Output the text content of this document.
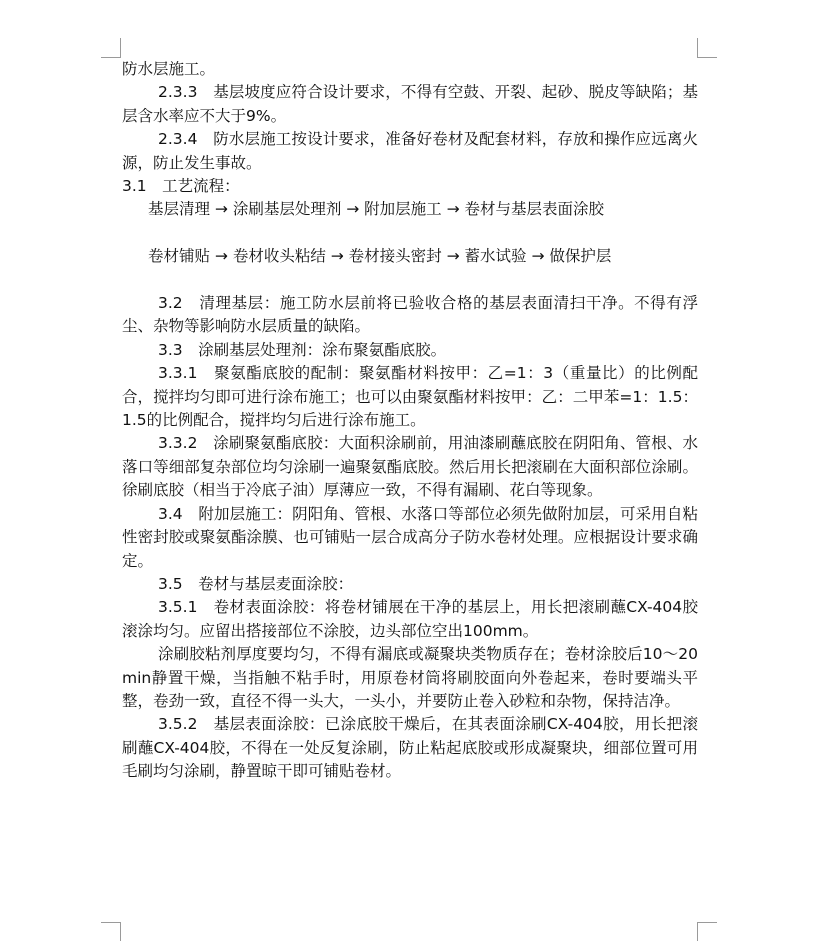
防水层施工。

2.3.3　基层坡度应符合设计要求，不得有空鼓、开裂、起砂、脱皮等缺陷；基层含水率应不大于9%。

2.3.4　防水层施工按设计要求，准备好卷材及配套材料，存放和操作应远离火源，防止发生事故。

3.1　工艺流程：

基层清理 → 涂刷基层处理剂 → 附加层施工 → 卷材与基层表面涂胶

卷材铺贴 → 卷材收头粘结 → 卷材接头密封 → 蓄水试验 → 做保护层

3.2　清理基层：施工防水层前将已验收合格的基层表面清扫干净。不得有浮尘、杂物等影响防水层质量的缺陷。

3.3　涂刷基层处理剂：涂布聚氨酯底胶。

3.3.1　聚氨酯底胶的配制：聚氨酯材料按甲：乙=1：3（重量比）的比例配合，搅拌均匀即可进行涂布施工；也可以由聚氨酯材料按甲：乙：二甲苯=1：1.5：1.5的比例配合，搅拌均匀后进行涂布施工。

3.3.2　涂刷聚氨酯底胶：大面积涂刷前，用油漆刷蘸底胶在阴阳角、管根、水落口等细部复杂部位均匀涂刷一遍聚氨酯底胶。然后用长把滚刷在大面积部位涂刷。徐刷底胶（相当于冷底子油）厚薄应一致，不得有漏刷、花白等现象。

3.4　附加层施工：阴阳角、管根、水落口等部位必须先做附加层，可采用自粘性密封胶或聚氨酯涂膜、也可铺贴一层合成高分子防水卷材处理。应根据设计要求确定。

3.5　卷材与基层麦面涂胶：

3.5.1　卷材表面涂胶：将卷材铺展在干净的基层上，用长把滚刷蘸CX-404胶滚涂均匀。应留出搭接部位不涂胶，边头部位空出100mm。

涂刷胶粘剂厚度要均匀，不得有漏底或凝聚块类物质存在；卷材涂胶后10～20min静置干燥，当指触不粘手时，用原卷材筒将刷胶面向外卷起来，卷时要端头平整，卷劲一致，直径不得一头大，一头小，并要防止卷入砂粒和杂物，保持洁净。

3.5.2　基层表面涂胶：已涂底胶干燥后，在其表面涂刷CX-404胶，用长把滚刷蘸CX-404胶，不得在一处反复涂刷，防止粘起底胶或形成凝聚块，细部位置可用毛刷均匀涂刷，静置晾干即可铺贴卷材。
